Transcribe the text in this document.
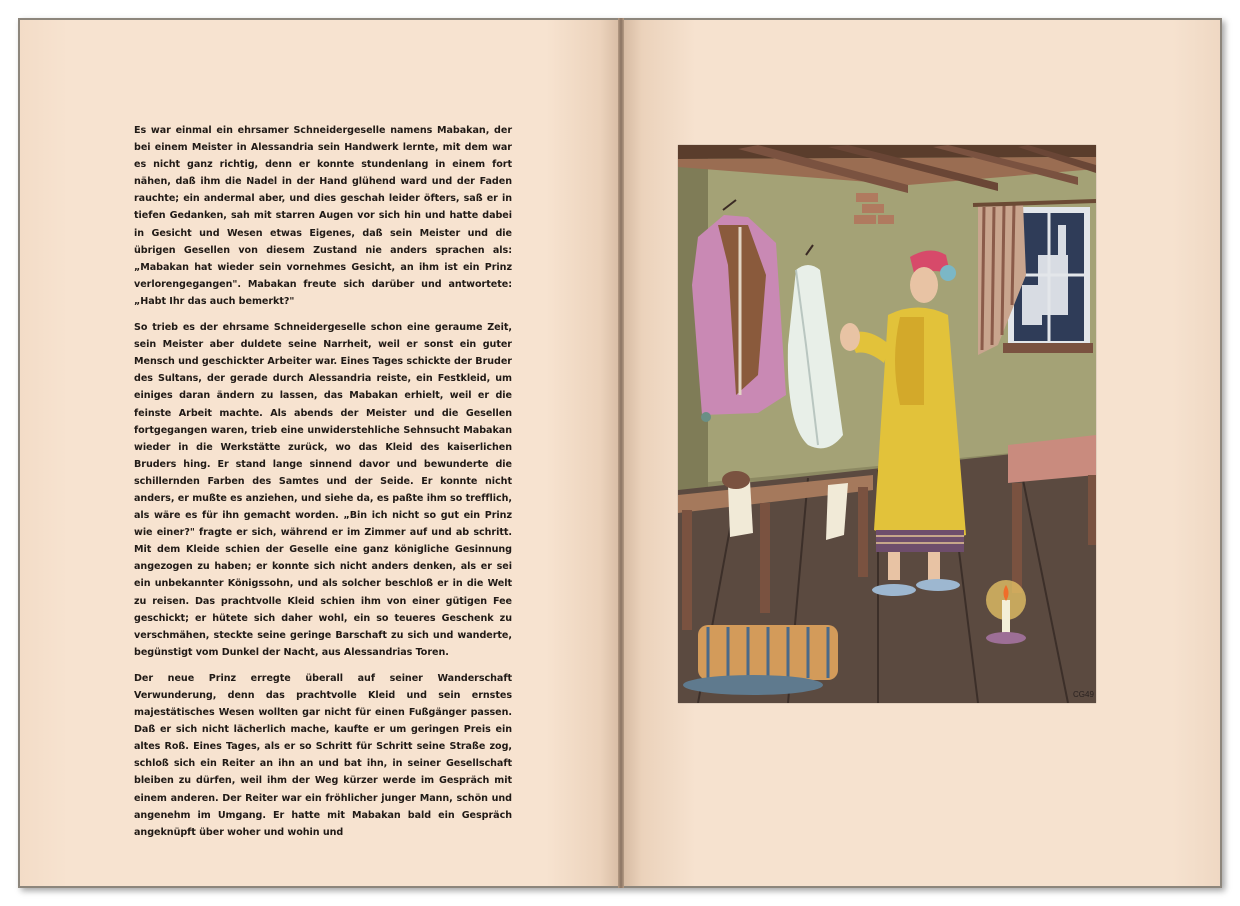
Es war einmal ein ehrsamer Schneidergeselle namens Mabakan, der bei einem Meister in Alessandria sein Handwerk lernte, mit dem war es nicht ganz richtig, denn er konnte stundenlang in einem fort nähen, daß ihm die Nadel in der Hand glühend ward und der Faden rauchte; ein andermal aber, und dies geschah leider öfters, saß er in tiefen Gedanken, sah mit starren Augen vor sich hin und hatte dabei in Gesicht und Wesen etwas Eigenes, daß sein Meister und die übrigen Gesellen von diesem Zustand nie anders sprachen als: „Mabakan hat wieder sein vornehmes Gesicht, an ihm ist ein Prinz verlorengegangen". Mabakan freute sich darüber und antwortete: „Habt Ihr das auch bemerkt?"

So trieb es der ehrsame Schneidergeselle schon eine geraume Zeit, sein Meister aber duldete seine Narrheit, weil er sonst ein guter Mensch und geschickter Arbeiter war. Eines Tages schickte der Bruder des Sultans, der gerade durch Alessandria reiste, ein Festkleid, um einiges daran ändern zu lassen, das Mabakan erhielt, weil er die feinste Arbeit machte. Als abends der Meister und die Gesellen fortgegangen waren, trieb eine unwiderstehliche Sehnsucht Mabakan wieder in die Werkstätte zurück, wo das Kleid des kaiserlichen Bruders hing. Er stand lange sinnend davor und bewunderte die schillernden Farben des Samtes und der Seide. Er konnte nicht anders, er mußte es anziehen, und siehe da, es paßte ihm so trefflich, als wäre es für ihn gemacht worden. „Bin ich nicht so gut ein Prinz wie einer?" fragte er sich, während er im Zimmer auf und ab schritt. Mit dem Kleide schien der Geselle eine ganz königliche Gesinnung angezogen zu haben; er konnte sich nicht anders denken, als er sei ein unbekannter Königssohn, und als solcher beschloß er in die Welt zu reisen. Das prachtvolle Kleid schien ihm von einer gütigen Fee geschickt; er hütete sich daher wohl, ein so teueres Geschenk zu verschmähen, steckte seine geringe Barschaft zu sich und wanderte, begünstigt vom Dunkel der Nacht, aus Alessandrias Toren.

Der neue Prinz erregte überall auf seiner Wanderschaft Verwunderung, denn das prachtvolle Kleid und sein ernstes majestätisches Wesen wollten gar nicht für einen Fußgänger passen. Daß er sich nicht lächerlich mache, kaufte er um geringen Preis ein altes Roß. Eines Tages, als er so Schritt für Schritt seine Straße zog, schloß sich ein Reiter an ihn an und bat ihn, in seiner Gesellschaft bleiben zu dürfen, weil ihm der Weg kürzer werde im Gespräch mit einem anderen. Der Reiter war ein fröhlicher junger Mann, schön und angenehm im Umgang. Er hatte mit Mabakan bald ein Gespräch angeknüpft über woher und wohin und

CG49
